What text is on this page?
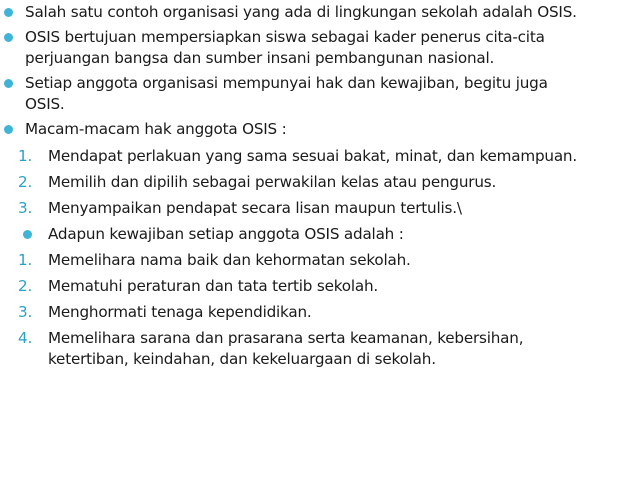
Salah satu contoh organisasi yang ada di lingkungan sekolah adalah OSIS.
OSIS bertujuan mempersiapkan siswa sebagai kader penerus cita-cita
perjuangan bangsa dan sumber insani pembangunan nasional.
Setiap anggota organisasi mempunyai hak dan kewajiban, begitu juga
OSIS.
Macam-macam hak anggota OSIS :
1. Mendapat perlakuan yang sama sesuai bakat, minat, dan kemampuan.
2. Memilih dan dipilih sebagai perwakilan kelas atau pengurus.
3. Menyampaikan pendapat secara lisan maupun tertulis.\
Adapun kewajiban setiap anggota OSIS adalah :
1. Memelihara nama baik dan kehormatan sekolah.
2. Mematuhi peraturan dan tata tertib sekolah.
3. Menghormati tenaga kependidikan.
4. Memelihara sarana dan prasarana serta keamanan, kebersihan,
ketertiban, keindahan, dan kekeluargaan di sekolah.
